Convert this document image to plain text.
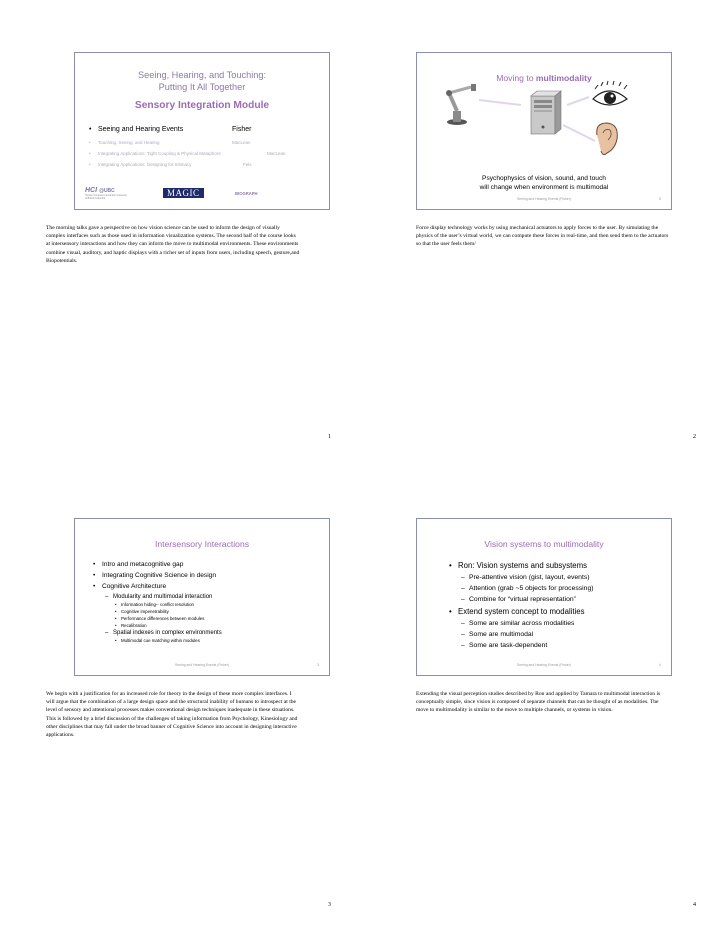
Seeing, Hearing, and Touching:
Putting It All Together
Sensory Integration Module
• Seeing and Hearing Events	Fisher
• Touching, Seeing, and Hearing	MacLean
• Integrating Applications: Tight Coupling & Physical Metaphors	MacLean
• Integrating Applications: Designing for Intimacy	Fels
HCI @UBC
Human Computer Interaction University of British Columbia
MAGIC	BIOGRAPH
Moving to multimodality
Psychophysics of vision, sound, and touch
will change when environment is multimodal
Seeing and Hearing Events (Fisher)	6
The morning talks gave a perspective on how vision science can be used to inform the design of visually complex interfaces such as those used in information visualization systems. The second half of the course looks at intersensory interactions and how they can inform the move to multimodal environments. These environments combine visual, auditory, and haptic displays with a richer set of inputs from users, including speech, gesture,and Biopotentials.
Force display technology works by using mechanical actuators to apply forces to the user. By simulating the physics of the user’s virtual world, we can compute these forces in real-time, and then send them to the actuators so that the user feels them/
1	2
Intersensory Interactions
• Intro and metacognitive gap
• Integrating Cognitive Science in design
• Cognitive Architecture
– Modularity and multimodal interaction
• Information hiding-- conflict resolution
• Cognitive impenetrability
• Performance differences between modules
• Recalibration
– Spatial indexes in complex environments
• Multimodal cue matching within modules
Seeing and Hearing Events (Fisher)	3
Vision systems to multimodality
• Ron: Vision systems and subsystems
– Pre-attentive vision (gist, layout, events)
– Attention (grab ~5 objects for processing)
– Combine for “virtual representation”
• Extend system concept to modalities
– Some are similar across modalities
– Some are multimodal
– Some are task-dependent
Seeing and Hearing Events (Fisher)	4
We begin with a justification for an increased role for theory in the design of these more complex interfaces. I will argue that the combination of a large design space and the structural inability of humans to introspect at the level of sensory and attentional processes makes conventional design techniques inadequate in these situations. This is followed by a brief discussion of the challenges of taking information from Psychology, Kinesiology and other disciplines that may fall under the broad banner of Cognitive Science into account in designing interactive applications.
Extending the visual perception studies described by Ron and applied by Tamara to multimodal interaction is conceptually simple, since vision is composed of separate channels that can be thought of as modalities. The move to multimodality is similar to the move to multiple channels, or systems in vision.
3	4
